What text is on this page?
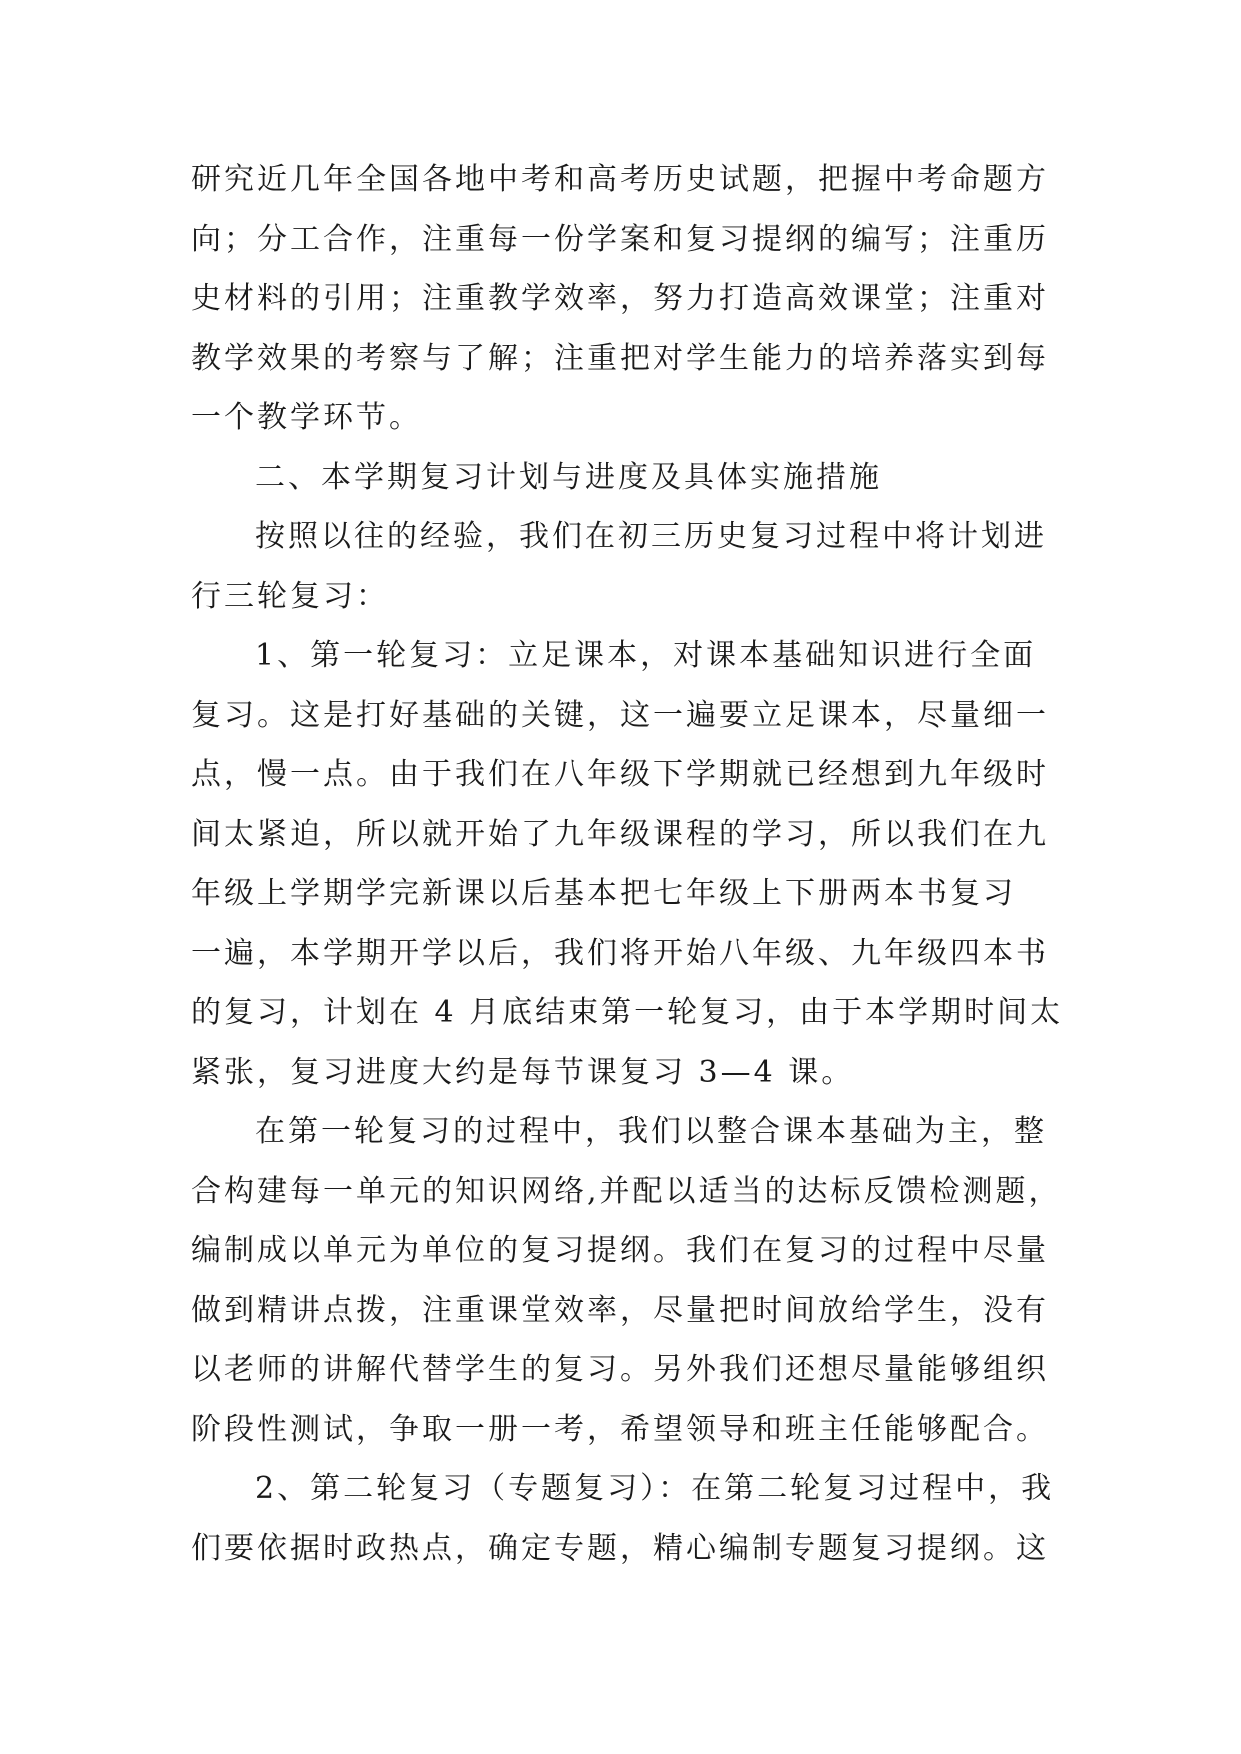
研究近几年全国各地中考和高考历史试题，把握中考命题方
向；分工合作，注重每一份学案和复习提纲的编写；注重历
史材料的引用；注重教学效率，努力打造高效课堂；注重对
教学效果的考察与了解；注重把对学生能力的培养落实到每
一个教学环节。
二、本学期复习计划与进度及具体实施措施
按照以往的经验，我们在初三历史复习过程中将计划进
行三轮复习：
1、第一轮复习：立足课本，对课本基础知识进行全面
复习。这是打好基础的关键，这一遍要立足课本，尽量细一
点，慢一点。由于我们在八年级下学期就已经想到九年级时
间太紧迫，所以就开始了九年级课程的学习，所以我们在九
年级上学期学完新课以后基本把七年级上下册两本书复习
一遍，本学期开学以后，我们将开始八年级、九年级四本书
的复习，计划在 4 月底结束第一轮复习，由于本学期时间太
紧张，复习进度大约是每节课复习 3—4 课。
在第一轮复习的过程中，我们以整合课本基础为主，整
合构建每一单元的知识网络,并配以适当的达标反馈检测题，
编制成以单元为单位的复习提纲。我们在复习的过程中尽量
做到精讲点拨，注重课堂效率，尽量把时间放给学生，没有
以老师的讲解代替学生的复习。另外我们还想尽量能够组织
阶段性测试，争取一册一考，希望领导和班主任能够配合。
2、第二轮复习（专题复习）：在第二轮复习过程中，我
们要依据时政热点，确定专题，精心编制专题复习提纲。这
